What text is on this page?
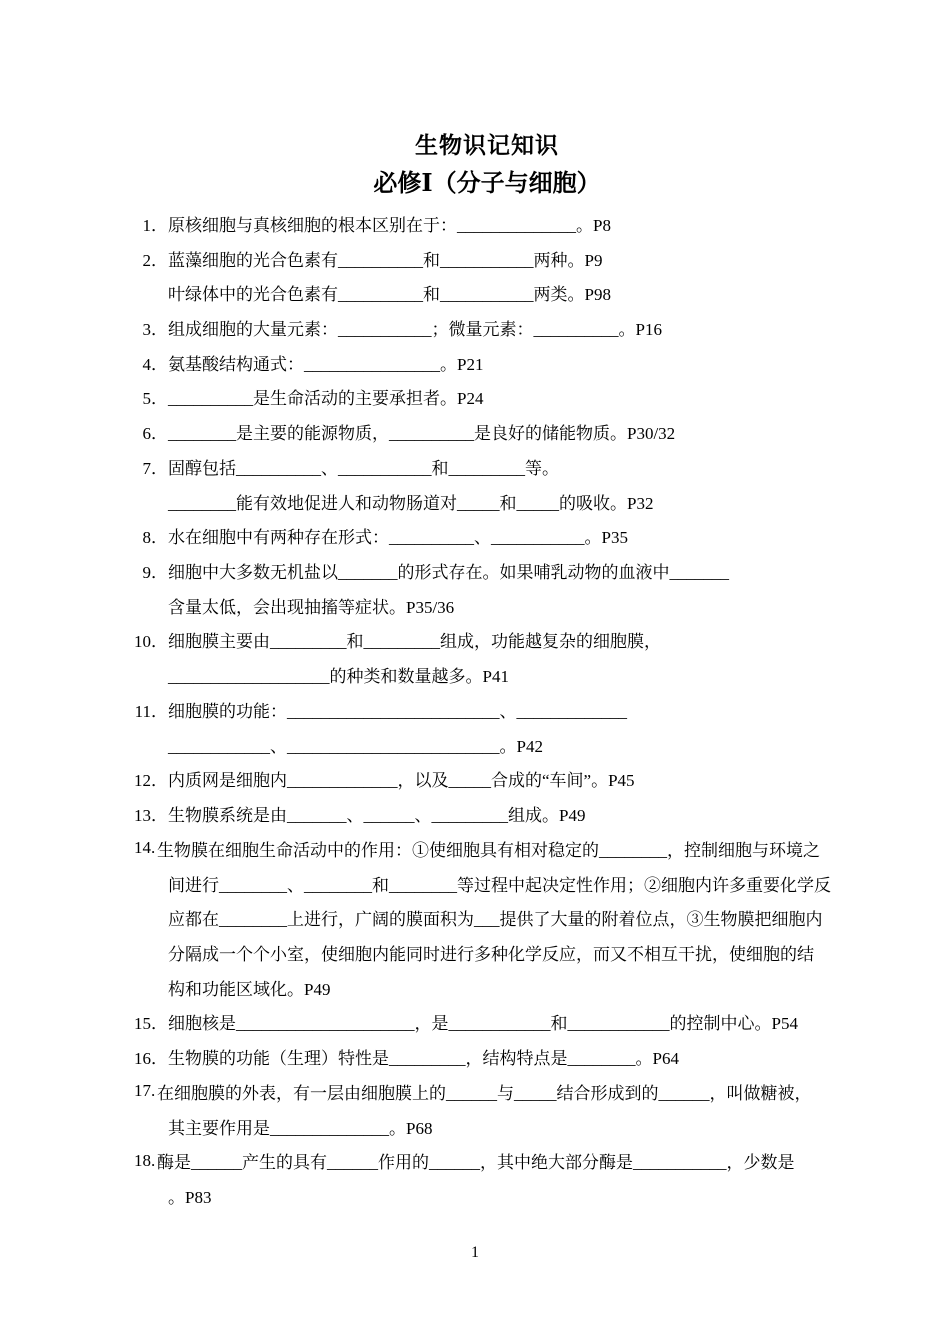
生物识记知识
必修Ⅰ（分子与细胞）
1． 原核细胞与真核细胞的根本区别在于：______________。P8
2． 蓝藻细胞的光合色素有__________和___________两种。P9
叶绿体中的光合色素有__________和___________两类。P98
3． 组成细胞的大量元素：___________；微量元素：__________。P16
4． 氨基酸结构通式：________________。P21
5． __________是生命活动的主要承担者。P24
6． ________是主要的能源物质，__________是良好的储能物质。P30/32
7． 固醇包括__________、___________和_________等。
________能有效地促进人和动物肠道对_____和_____的吸收。P32
8． 水在细胞中有两种存在形式：__________、___________。P35
9． 细胞中大多数无机盐以_______的形式存在。如果哺乳动物的血液中_______
含量太低，会出现抽搐等症状。P35/36
10． 细胞膜主要由_________和_________组成，功能越复杂的细胞膜，
___________________的种类和数量越多。P41
11． 细胞膜的功能：_________________________、_____________
____________、_________________________。P42
12． 内质网是细胞内_____________，以及_____合成的“车间”。P45
13． 生物膜系统是由_______、______、_________组成。P49
14. 生物膜在细胞生命活动中的作用：①使细胞具有相对稳定的________，控制细胞与环境之
间进行________、________和________等过程中起决定性作用；②细胞内许多重要化学反
应都在________上进行，广阔的膜面积为___提供了大量的附着位点，③生物膜把细胞内
分隔成一个个小室，使细胞内能同时进行多种化学反应，而又不相互干扰，使细胞的结
构和功能区域化。P49
15． 细胞核是_____________________，是____________和____________的控制中心。P54
16． 生物膜的功能（生理）特性是_________，结构特点是________。P64
17. 在细胞膜的外表，有一层由细胞膜上的______与_____结合形成到的______，叫做糖被，
其主要作用是______________。P68
18. 酶是______产生的具有______作用的______，其中绝大部分酶是___________，少数是
。P83
1
